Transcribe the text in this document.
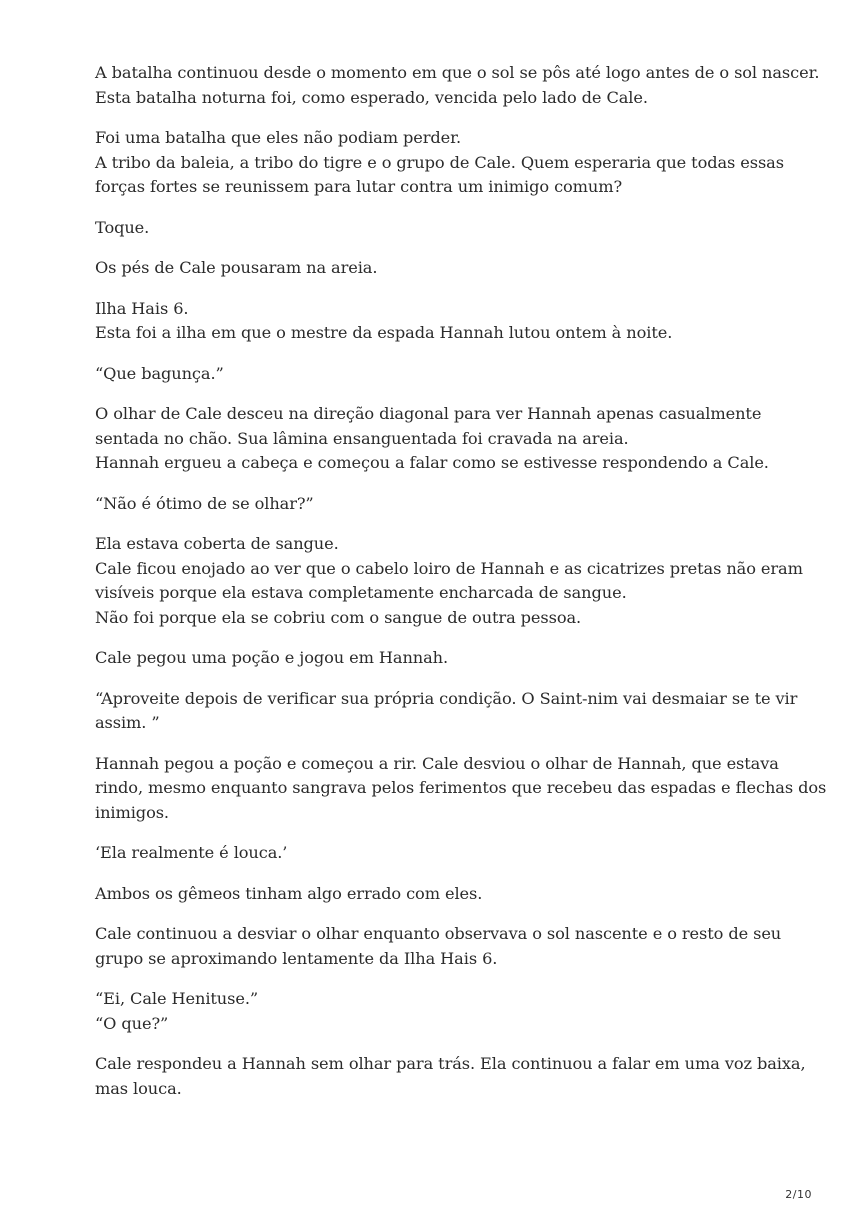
A batalha continuou desde o momento em que o sol se pôs até logo antes de o sol nascer.
Esta batalha noturna foi, como esperado, vencida pelo lado de Cale.

Foi uma batalha que eles não podiam perder.
A tribo da baleia, a tribo do tigre e o grupo de Cale. Quem esperaria que todas essas
forças fortes se reunissem para lutar contra um inimigo comum?

Toque.

Os pés de Cale pousaram na areia.

Ilha Hais 6.
Esta foi a ilha em que o mestre da espada Hannah lutou ontem à noite.

“Que bagunça.”

O olhar de Cale desceu na direção diagonal para ver Hannah apenas casualmente
sentada no chão. Sua lâmina ensanguentada foi cravada na areia.
Hannah ergueu a cabeça e começou a falar como se estivesse respondendo a Cale.

“Não é ótimo de se olhar?”

Ela estava coberta de sangue.
Cale ficou enojado ao ver que o cabelo loiro de Hannah e as cicatrizes pretas não eram
visíveis porque ela estava completamente encharcada de sangue.
Não foi porque ela se cobriu com o sangue de outra pessoa.

Cale pegou uma poção e jogou em Hannah.

“Aproveite depois de verificar sua própria condição. O Saint-nim vai desmaiar se te vir
assim. ”

Hannah pegou a poção e começou a rir. Cale desviou o olhar de Hannah, que estava
rindo, mesmo enquanto sangrava pelos ferimentos que recebeu das espadas e flechas dos
inimigos.

‘Ela realmente é louca.’

Ambos os gêmeos tinham algo errado com eles.

Cale continuou a desviar o olhar enquanto observava o sol nascente e o resto de seu
grupo se aproximando lentamente da Ilha Hais 6.

“Ei, Cale Henituse.”
“O que?”

Cale respondeu a Hannah sem olhar para trás. Ela continuou a falar em uma voz baixa,
mas louca.

2/10
